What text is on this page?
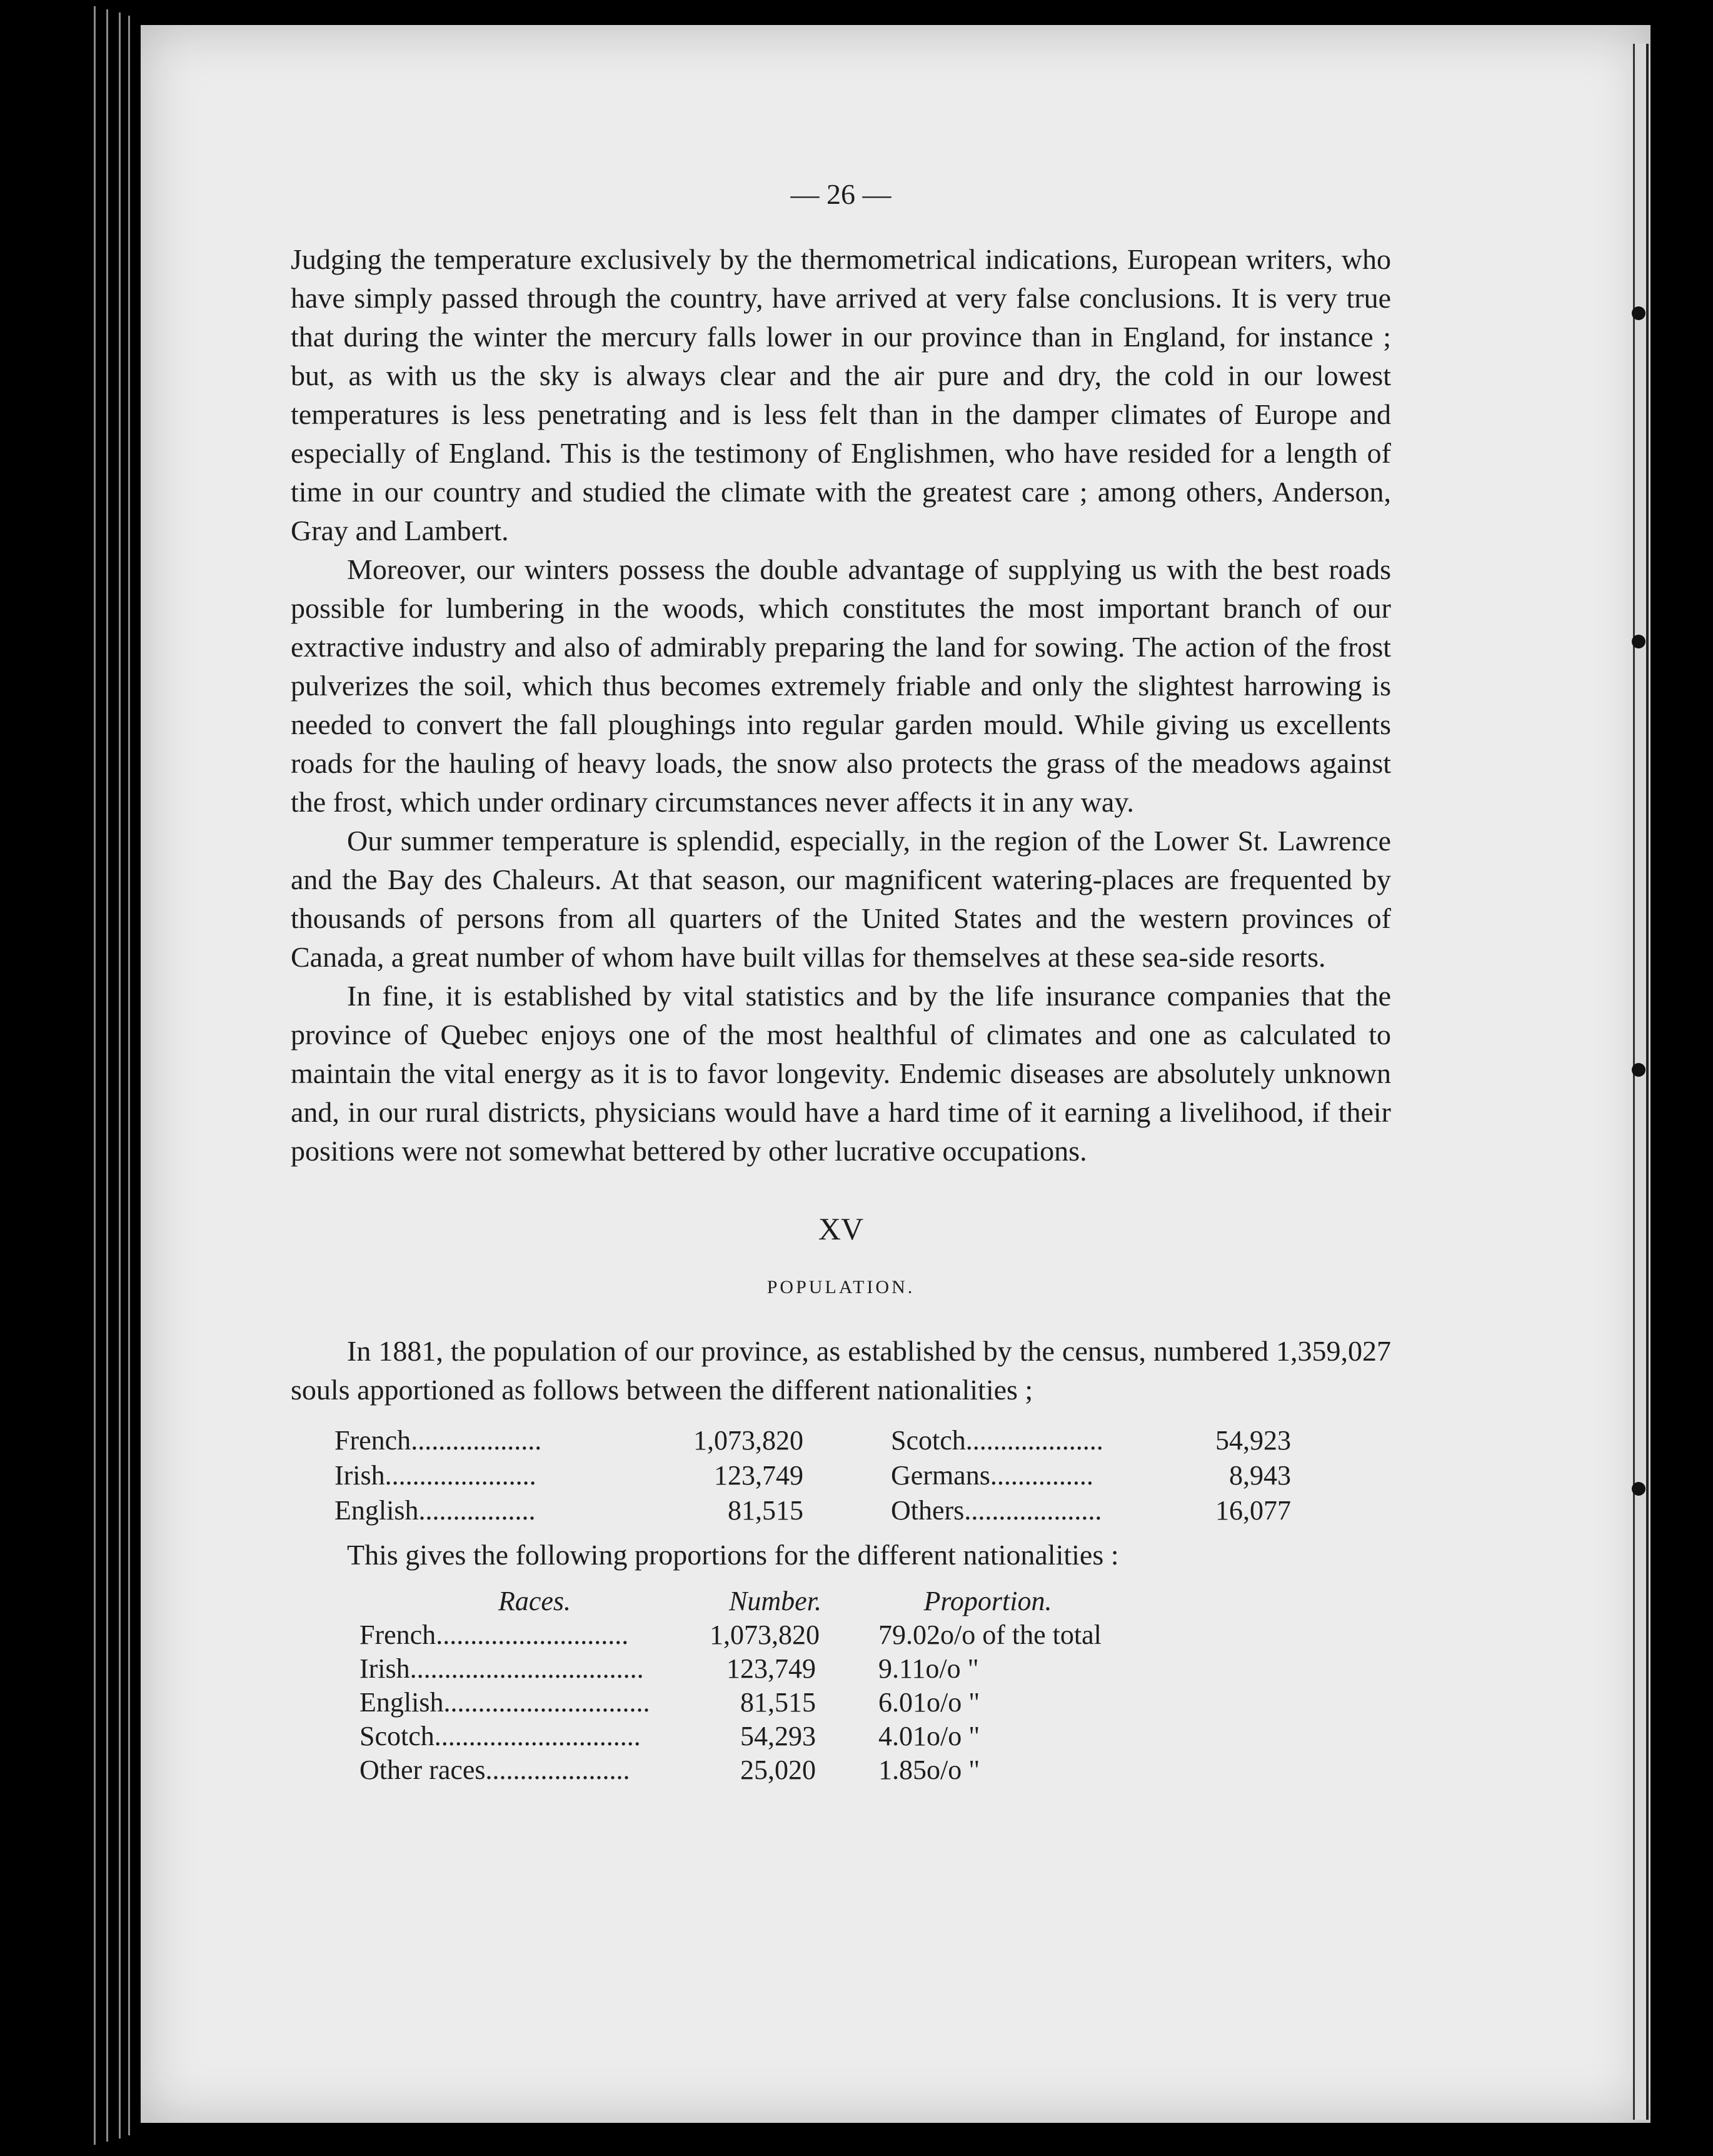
— 26 —

Judging the temperature exclusively by the thermometrical indications, European writers, who have simply passed through the country, have arrived at very false conclusions. It is very true that during the winter the mercury falls lower in our province than in England, for instance ; but, as with us the sky is always clear and the air pure and dry, the cold in our lowest temperatures is less penetrating and is less felt than in the damper climates of Europe and especially of England. This is the testimony of Englishmen, who have resided for a length of time in our country and studied the climate with the greatest care ; among others, Anderson, Gray and Lambert.

Moreover, our winters possess the double advantage of supplying us with the best roads possible for lumbering in the woods, which constitutes the most important branch of our extractive industry and also of admirably preparing the land for sowing. The action of the frost pulverizes the soil, which thus becomes extremely friable and only the slightest harrowing is needed to convert the fall ploughings into regular garden mould. While giving us excellents roads for the hauling of heavy loads, the snow also protects the grass of the meadows against the frost, which under ordinary circumstances never affects it in any way.

Our summer temperature is splendid, especially, in the region of the Lower St. Lawrence and the Bay des Chaleurs. At that season, our magnificent watering-places are frequented by thousands of persons from all quarters of the United States and the western provinces of Canada, a great number of whom have built villas for themselves at these sea-side resorts.

In fine, it is established by vital statistics and by the life insurance companies that the province of Quebec enjoys one of the most healthful of climates and one as calculated to maintain the vital energy as it is to favor longevity. Endemic diseases are absolutely unknown and, in our rural districts, physicians would have a hard time of it earning a livelihood, if their positions were not somewhat bettered by other lucrative occupations.

XV

POPULATION.

In 1881, the population of our province, as established by the census, numbered 1,359,027 souls apportioned as follows between the different nationalities ;

French...................	1,073,820	Scotch....................	54,923
Irish......................	123,749	Germans...............	8,943
English.................	81,515	Others....................	16,077

This gives the following proportions for the different nationalities :

Races.	Number.	Proportion.
French............................	1,073,820	79.02o/o of the total
Irish..................................	123,749	9.11o/o "
English..............................	81,515	6.01o/o "
Scotch..............................	54,293	4.01o/o "
Other races.....................	25,020	1.85o/o "
